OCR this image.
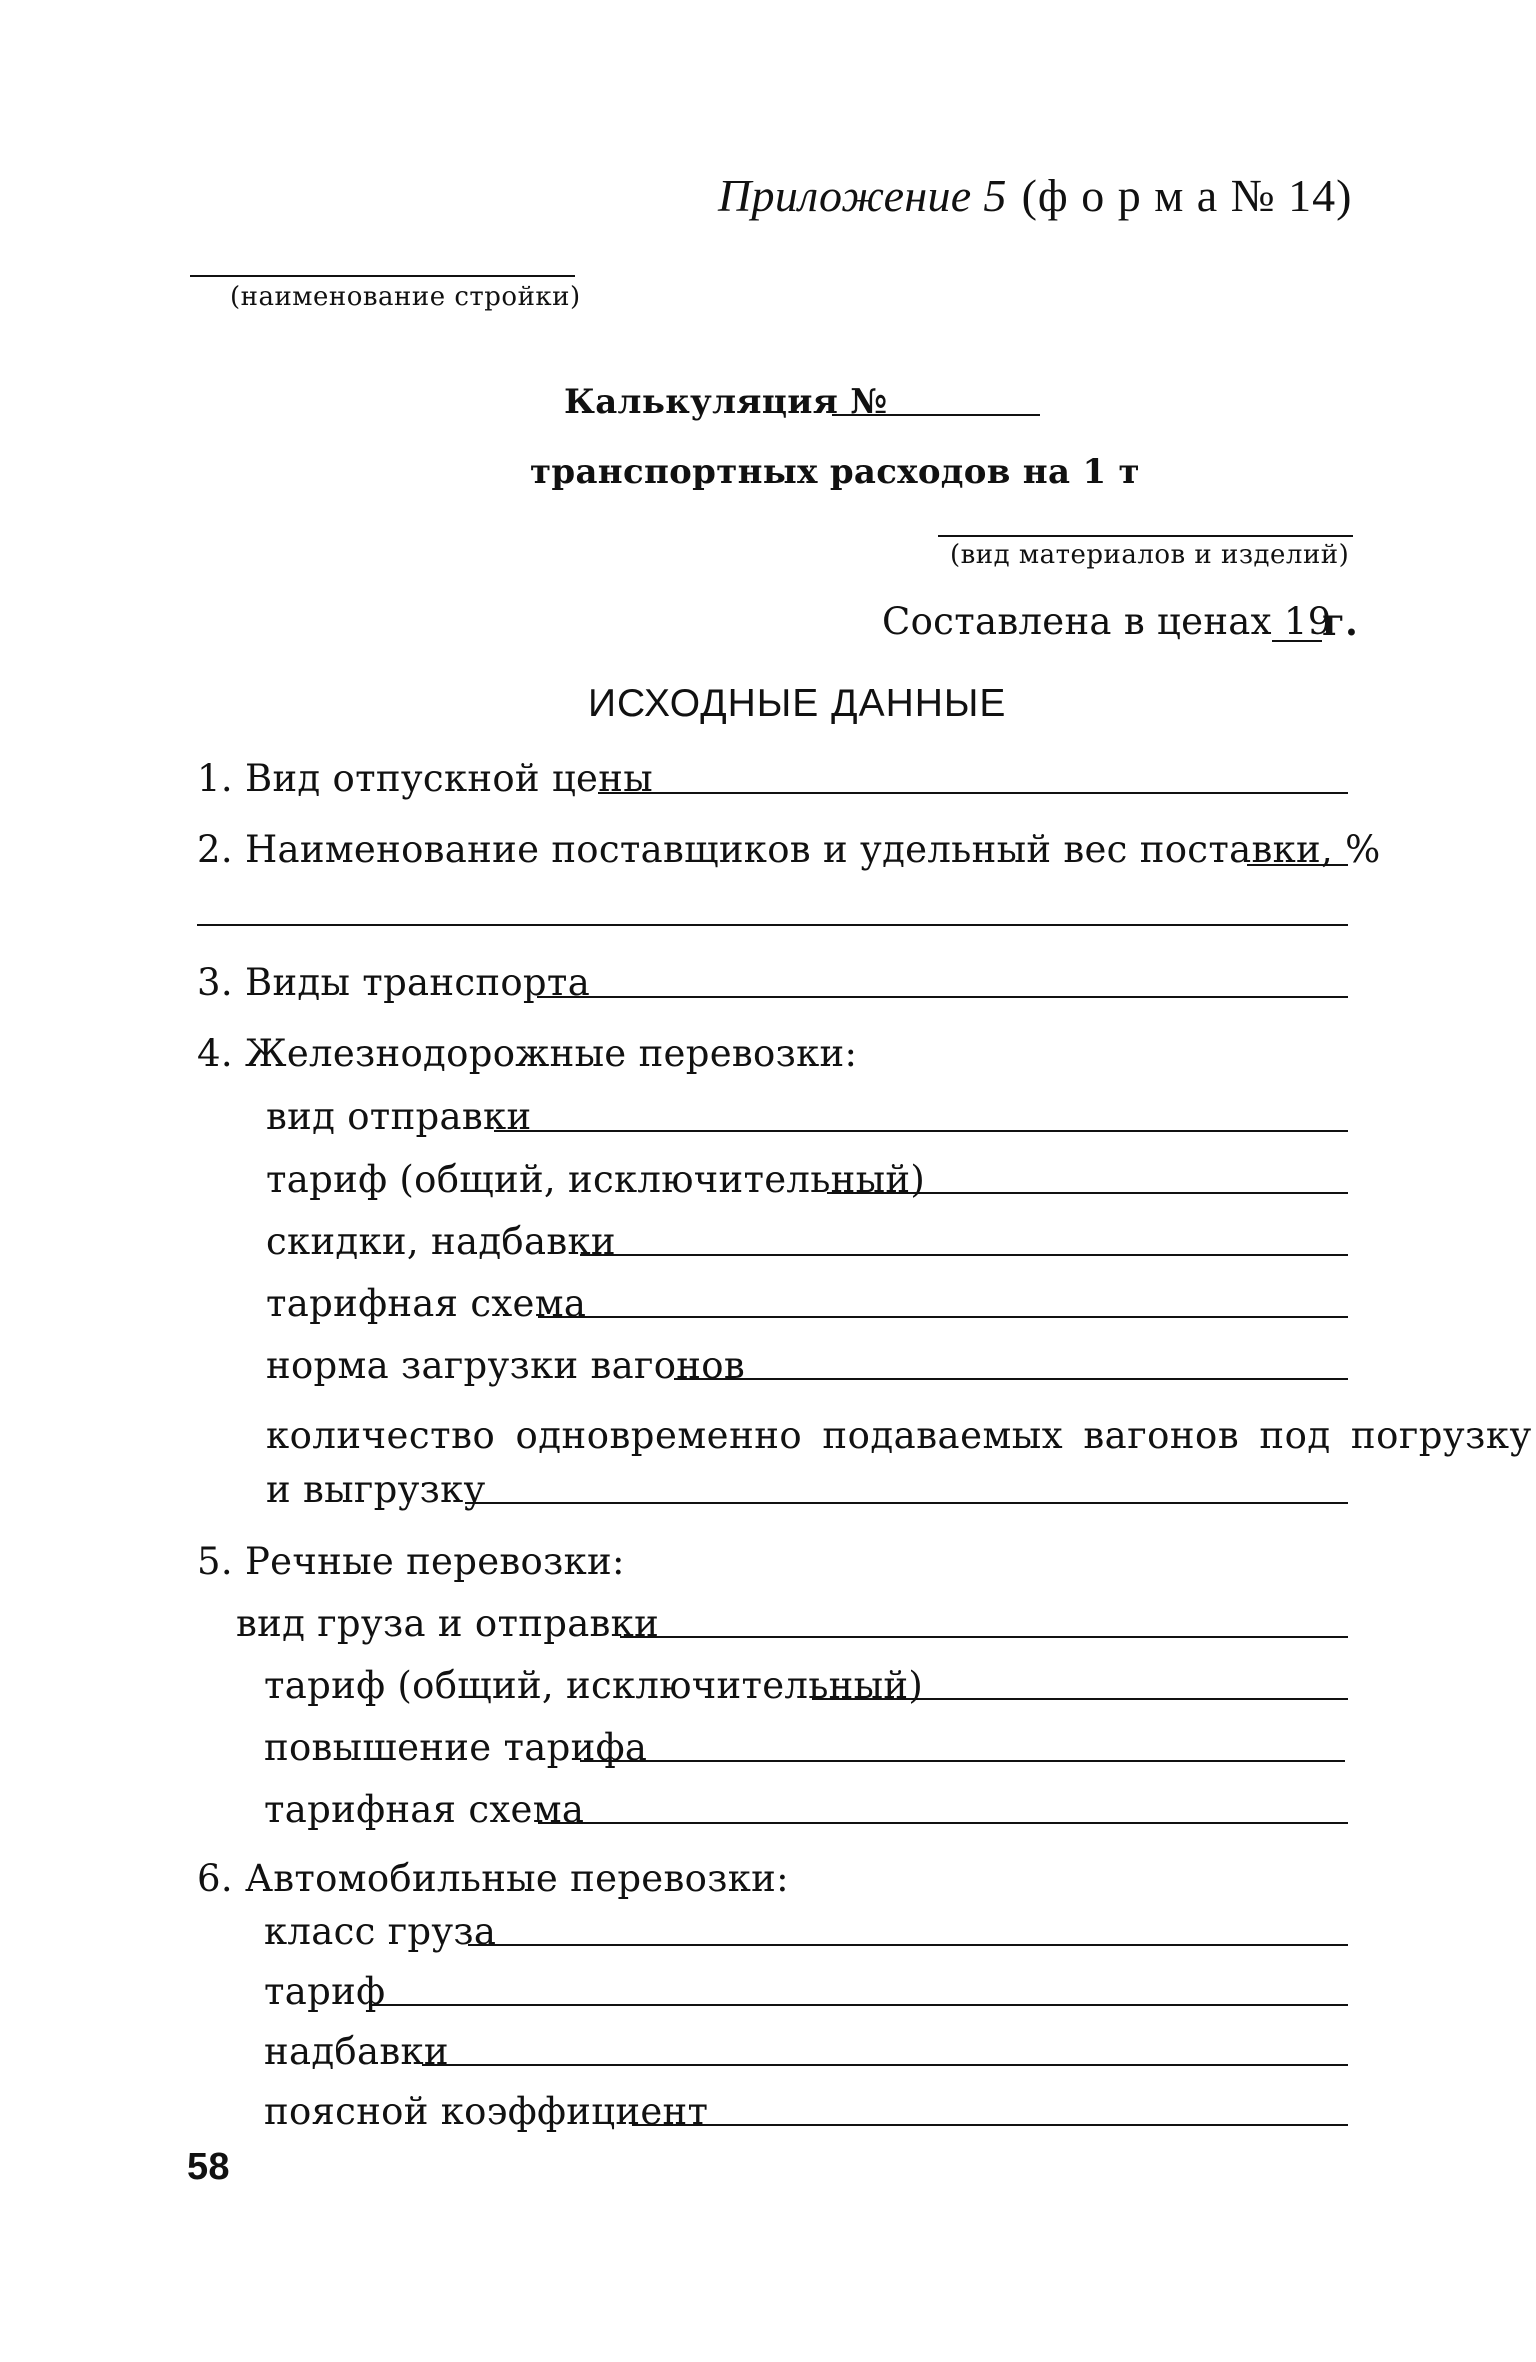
Приложение 5 (ф о р м а № 14)
(наименование стройки)
Калькуляция №
транспортных расходов на 1 т
(вид материалов и изделий)
Составлена в ценах 19
г.
ИСХОДНЫЕ ДАННЫЕ
1. Вид отпускной цены
2. Наименование поставщиков и удельный вес поставки, %
3. Виды транспорта
4. Железнодорожные перевозки:
вид отправки
тариф (общий, исключительный)
скидки, надбавки
тарифная схема
норма загрузки вагонов
количество одновременно подаваемых вагонов под погрузку
и выгрузку
5. Речные перевозки:
вид груза и отправки
тариф (общий, исключительный)
повышение тарифа
тарифная схема
6. Автомобильные перевозки:
класс груза
тариф
надбавки
поясной коэффициент
58
